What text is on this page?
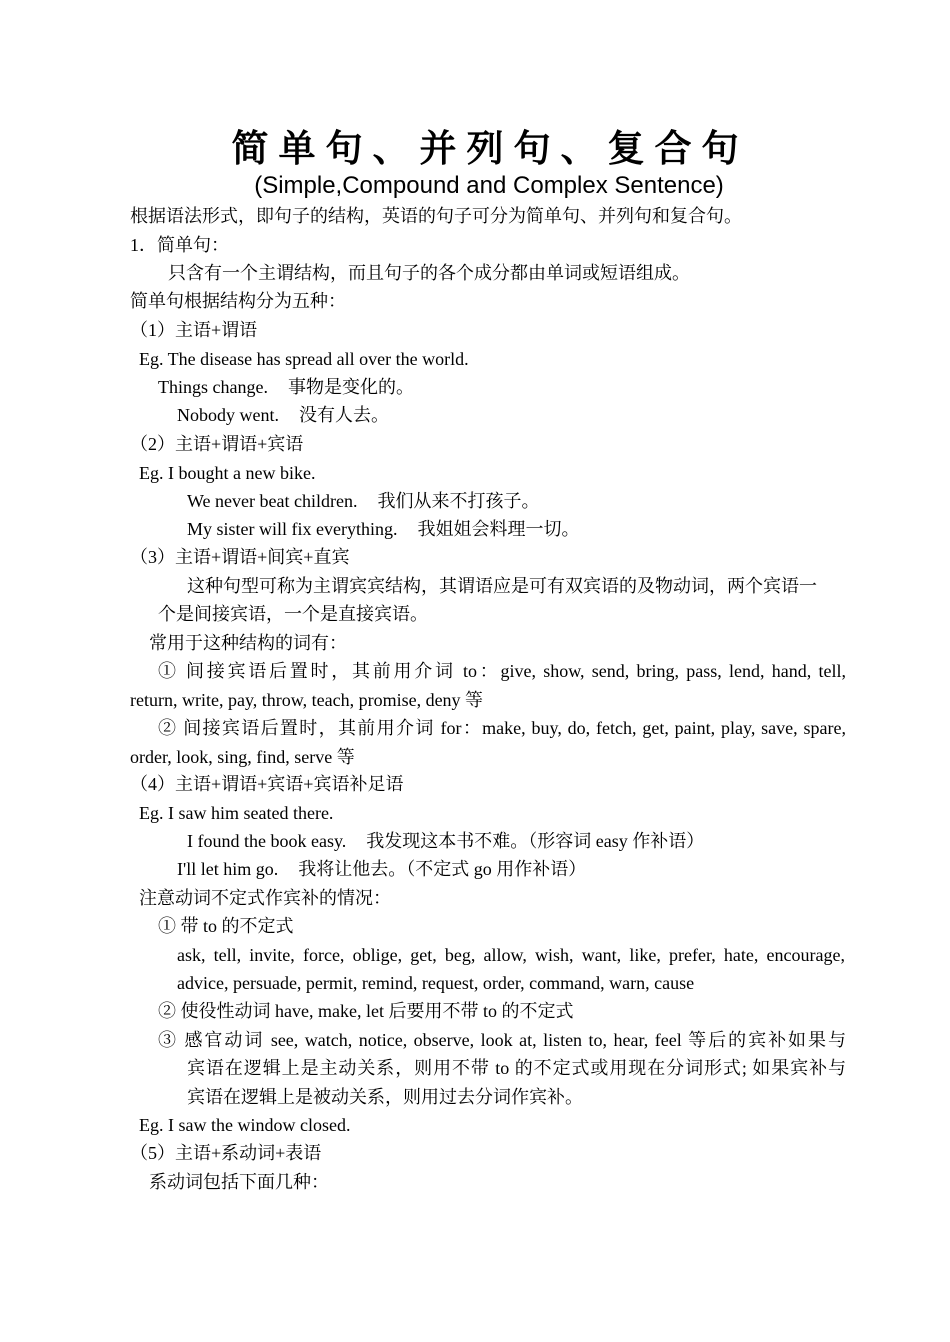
简单句、并列句、复合句
(Simple,Compound and Complex Sentence)
根据语法形式，即句子的结构，英语的句子可分为简单句、并列句和复合句。
1．简单句：
只含有一个主谓结构，而且句子的各个成分都由单词或短语组成。
简单句根据结构分为五种：
（1）主语+谓语
Eg. The disease has spread all over the world.
Things change. 事物是变化的。
Nobody went. 没有人去。
（2）主语+谓语+宾语
Eg. I bought a new bike.
We never beat children. 我们从来不打孩子。
My sister will fix everything. 我姐姐会料理一切。
（3）主语+谓语+间宾+直宾
这种句型可称为主谓宾宾结构，其谓语应是可有双宾语的及物动词，两个宾语一
个是间接宾语，一个是直接宾语。
常用于这种结构的词有：
① 间接宾语后置时，其前用介词 to：give, show, send, bring, pass, lend, hand, tell,
return, write, pay, throw, teach, promise, deny 等
② 间接宾语后置时，其前用介词 for：make, buy, do, fetch, get, paint, play, save, spare,
order, look, sing, find, serve 等
（4）主语+谓语+宾语+宾语补足语
Eg. I saw him seated there.
I found the book easy. 我发现这本书不难。（形容词 easy 作补语）
I'll let him go. 我将让他去。（不定式 go 用作补语）
注意动词不定式作宾补的情况：
① 带 to 的不定式
ask, tell, invite, force, oblige, get, beg, allow, wish, want, like, prefer, hate, encourage,
advice, persuade, permit, remind, request, order, command, warn, cause
② 使役性动词 have, make, let 后要用不带 to 的不定式
③ 感官动词 see, watch, notice, observe, look at, listen to, hear, feel 等后的宾补如果与
宾语在逻辑上是主动关系，则用不带 to 的不定式或用现在分词形式; 如果宾补与
宾语在逻辑上是被动关系，则用过去分词作宾补。
Eg. I saw the window closed.
（5）主语+系动词+表语
系动词包括下面几种：
